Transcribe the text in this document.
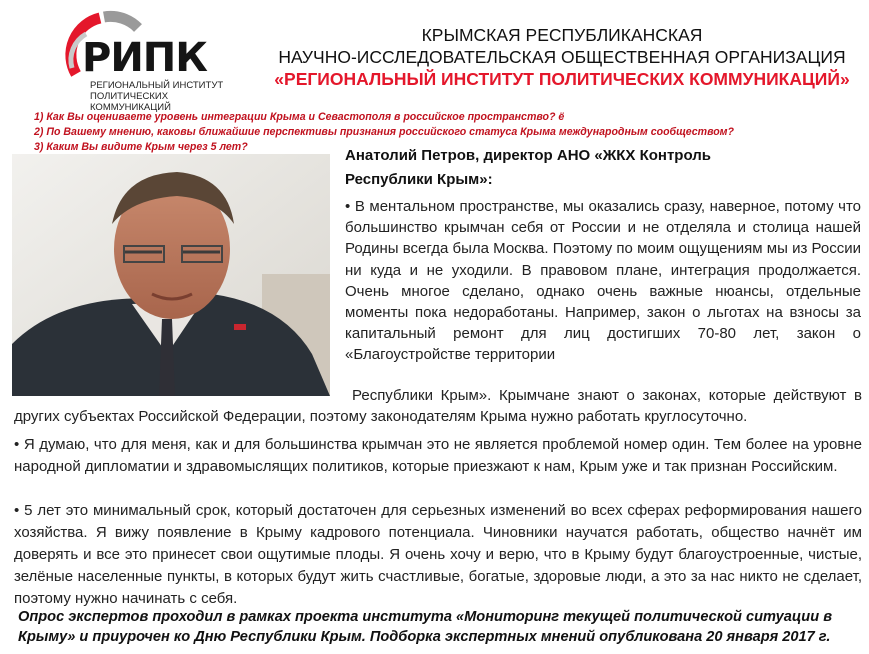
РИПК
РЕГИОНАЛЬНЫЙ ИНСТИТУТ
ПОЛИТИЧЕСКИХ КОММУНИКАЦИЙ
КРЫМСКАЯ РЕСПУБЛИКАНСКАЯ
НАУЧНО-ИССЛЕДОВАТЕЛЬСКАЯ ОБЩЕСТВЕННАЯ ОРГАНИЗАЦИЯ
«РЕГИОНАЛЬНЫЙ ИНСТИТУТ ПОЛИТИЧЕСКИХ КОММУНИКАЦИЙ»
1) Как Вы оцениваете уровень интеграции Крыма и Севастополя в российское пространство? ё
2) По Вашему мнению, каковы ближайшие перспективы признания российского статуса Крыма международным сообществом?
3) Каким Вы видите Крым через 5 лет?	Анатолий Петров, директор АНО «ЖКХ Контроль
Республики Крым»:
• В ментальном пространстве, мы оказались сразу, наверное, потому что большинство крымчан себя от России и не отделяла и столица нашей Родины всегда была Москва. Поэтому по моим ощущениям мы из России ни куда и не уходили. В правовом плане, интеграция продолжается. Очень многое сделано, однако очень важные нюансы, отдельные моменты пока недоработаны. Например, закон о льготах на взносы за капитальный ремонт для лиц достигших 70-80 лет, закон о «Благоустройстве территории
Республики Крым». Крымчане знают о законах, которые действуют в других субъектах Российской Федерации, поэтому законодателям Крыма нужно работать круглосуточно.
• Я думаю, что для меня, как и для большинства крымчан это не является проблемой номер один. Тем более на уровне народной дипломатии и здравомыслящих политиков, которые приезжают к нам, Крым уже и так признан Российским.
• 5 лет это минимальный срок, который достаточен для серьезных изменений во всех сферах реформирования нашего хозяйства. Я вижу появление в Крыму кадрового потенциала. Чиновники научатся работать, общество начнёт им доверять и все это принесет свои ощутимые плоды. Я очень хочу и верю, что в Крыму будут благоустроенные, чистые, зелёные населенные пункты, в которых будут жить счастливые, богатые, здоровые люди, а это за нас никто не сделает, поэтому нужно начинать с себя.
Опрос экспертов проходил в рамках проекта института «Мониторинг текущей политической ситуации в Крыму» и приурочен ко Дню Республики Крым. Подборка экспертных мнений опубликована 20 января 2017 г.
